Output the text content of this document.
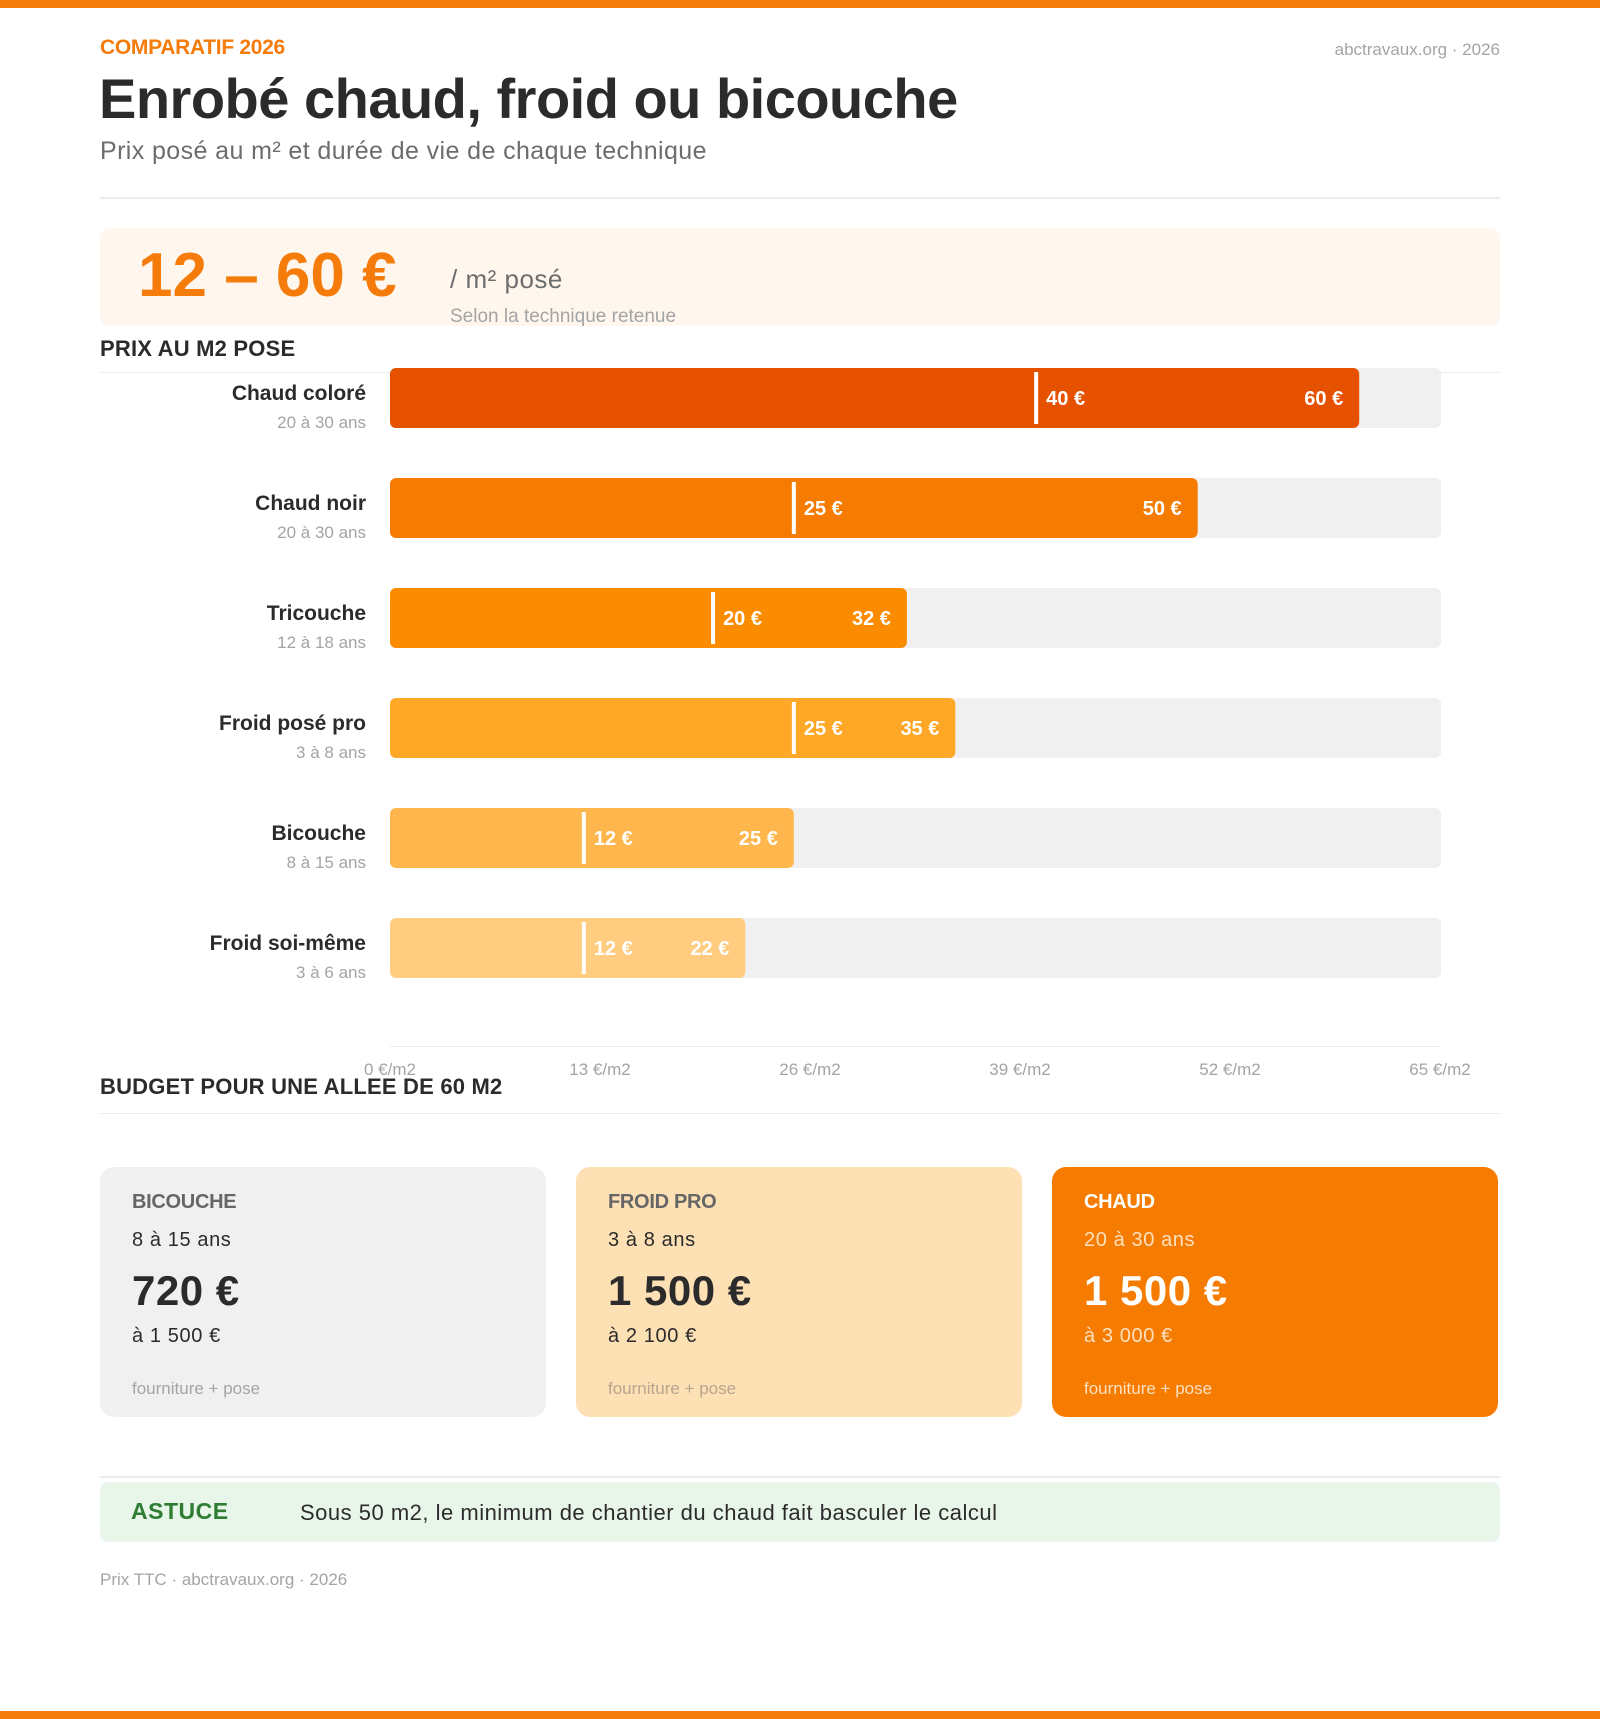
COMPARATIF 2026	abctravaux.org · 2026
Enrobé chaud, froid ou bicouche
Prix posé au m² et durée de vie de chaque technique
12 – 60 € / m² posé
Selon la technique retenue
PRIX AU M2 POSE
40 €	60 €
Chaud coloré
20 à 30 ans
25 €	50 €
Chaud noir
20 à 30 ans
20 €	32 €
Tricouche
12 à 18 ans
25 €	35 €
Froid posé pro
3 à 8 ans
12 €	25 €
Bicouche
8 à 15 ans
12 €	22 €
Froid soi-même
3 à 6 ans
0 €/m2	13 €/m2	26 €/m2	39 €/m2	52 €/m2	65 €/m2
BUDGET POUR UNE ALLEE DE 60 M2
BICOUCHE
8 à 15 ans
720 €
à 1 500 €
fourniture + pose
FROID PRO
3 à 8 ans
1 500 €
à 2 100 €
fourniture + pose
CHAUD
20 à 30 ans
1 500 €
à 3 000 €
fourniture + pose
ASTUCE	Sous 50 m2, le minimum de chantier du chaud fait basculer le calcul
Prix TTC · abctravaux.org · 2026
